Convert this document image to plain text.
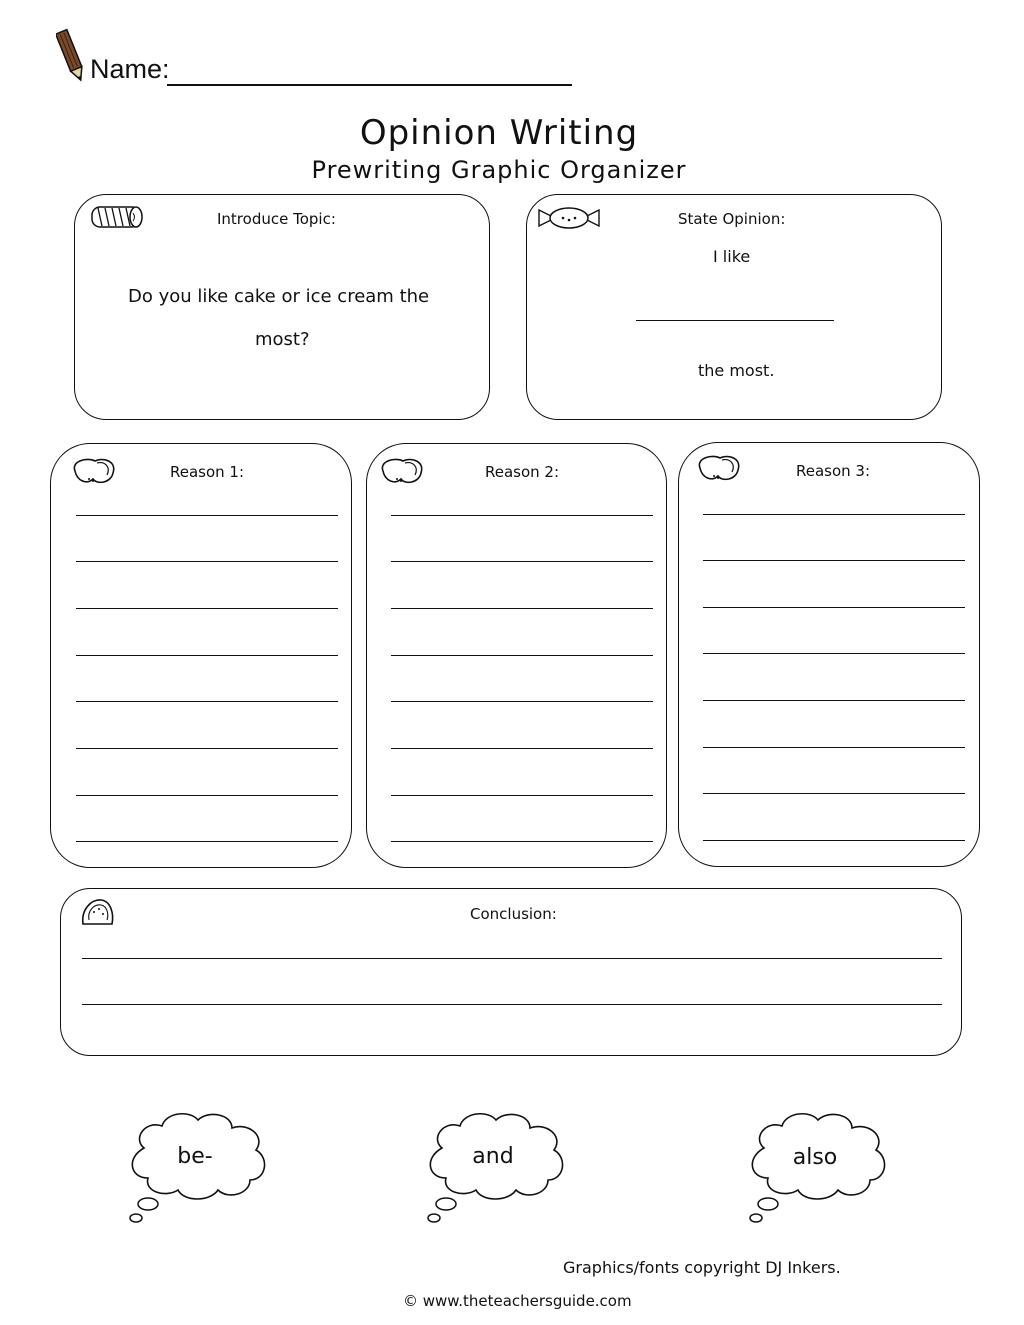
Name:
Opinion Writing
Prewriting Graphic Organizer
Introduce Topic:
Do you like cake or ice cream the
most?
State Opinion:
I like
the most.
Reason 1:	Reason 2:	Reason 3:
Conclusion:
be-	and	also
Graphics/fonts copyright DJ Inkers.
© www.theteachersguide.com
